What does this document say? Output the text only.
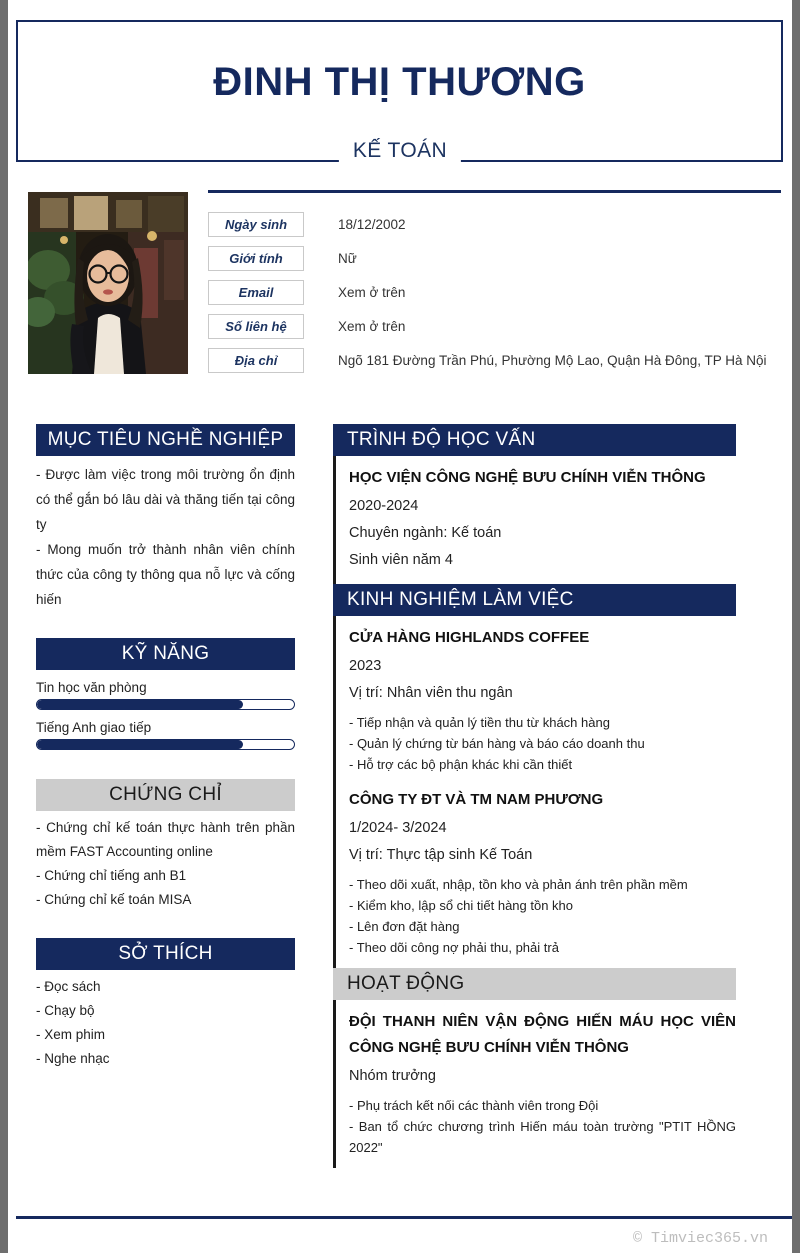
ĐINH THỊ THƯƠNG
KẾ TOÁN
Ngày sinh	18/12/2002
Giới tính	Nữ
Email	Xem ở trên
Số liên hệ	Xem ở trên
Địa chỉ	Ngõ 181 Đường Trần Phú, Phường Mộ Lao, Quận Hà Đông, TP Hà Nội
MỤC TIÊU NGHỀ NGHIỆP

- Được làm việc trong môi trường ổn định có thể gắn bó lâu dài và thăng tiến tại công ty

- Mong muốn trở thành nhân viên chính thức của công ty thông qua nỗ lực và cống hiến

KỸ NĂNG
Tin học văn phòng
Tiếng Anh giao tiếp
CHỨNG CHỈ
- Chứng chỉ kế toán thực hành trên phần mềm FAST Accounting online
- Chứng chỉ tiếng anh B1
- Chứng chỉ kế toán MISA
SỞ THÍCH
- Đọc sách
- Chạy bộ
- Xem phim
- Nghe nhạc
TRÌNH ĐỘ HỌC VẤN
HỌC VIỆN CÔNG NGHỆ BƯU CHÍNH VIỄN THÔNG
2020-2024
Chuyên ngành: Kế toán
Sinh viên năm 4
KINH NGHIỆM LÀM VIỆC
CỬA HÀNG HIGHLANDS COFFEE
2023
Vị trí: Nhân viên thu ngân
- Tiếp nhận và quản lý tiền thu từ khách hàng
- Quản lý chứng từ bán hàng và báo cáo doanh thu
- Hỗ trợ các bộ phận khác khi cần thiết
CÔNG TY ĐT VÀ TM NAM PHƯƠNG
1/2024- 3/2024
Vị trí: Thực tập sinh Kế Toán
- Theo dõi xuất, nhập, tồn kho và phản ánh trên phần mềm
- Kiểm kho, lập sổ chi tiết hàng tồn kho
- Lên đơn đặt hàng
- Theo dõi công nợ phải thu, phải trả
HOẠT ĐỘNG
ĐỘI THANH NIÊN VẬN ĐỘNG HIẾN MÁU HỌC VIÊN CÔNG NGHỆ BƯU CHÍNH VIỄN THÔNG
Nhóm trưởng
- Phụ trách kết nối các thành viên trong Đội
- Ban tổ chức chương trình Hiến máu toàn trường "PTIT HỒNG 2022"
© Timviec365.vn
